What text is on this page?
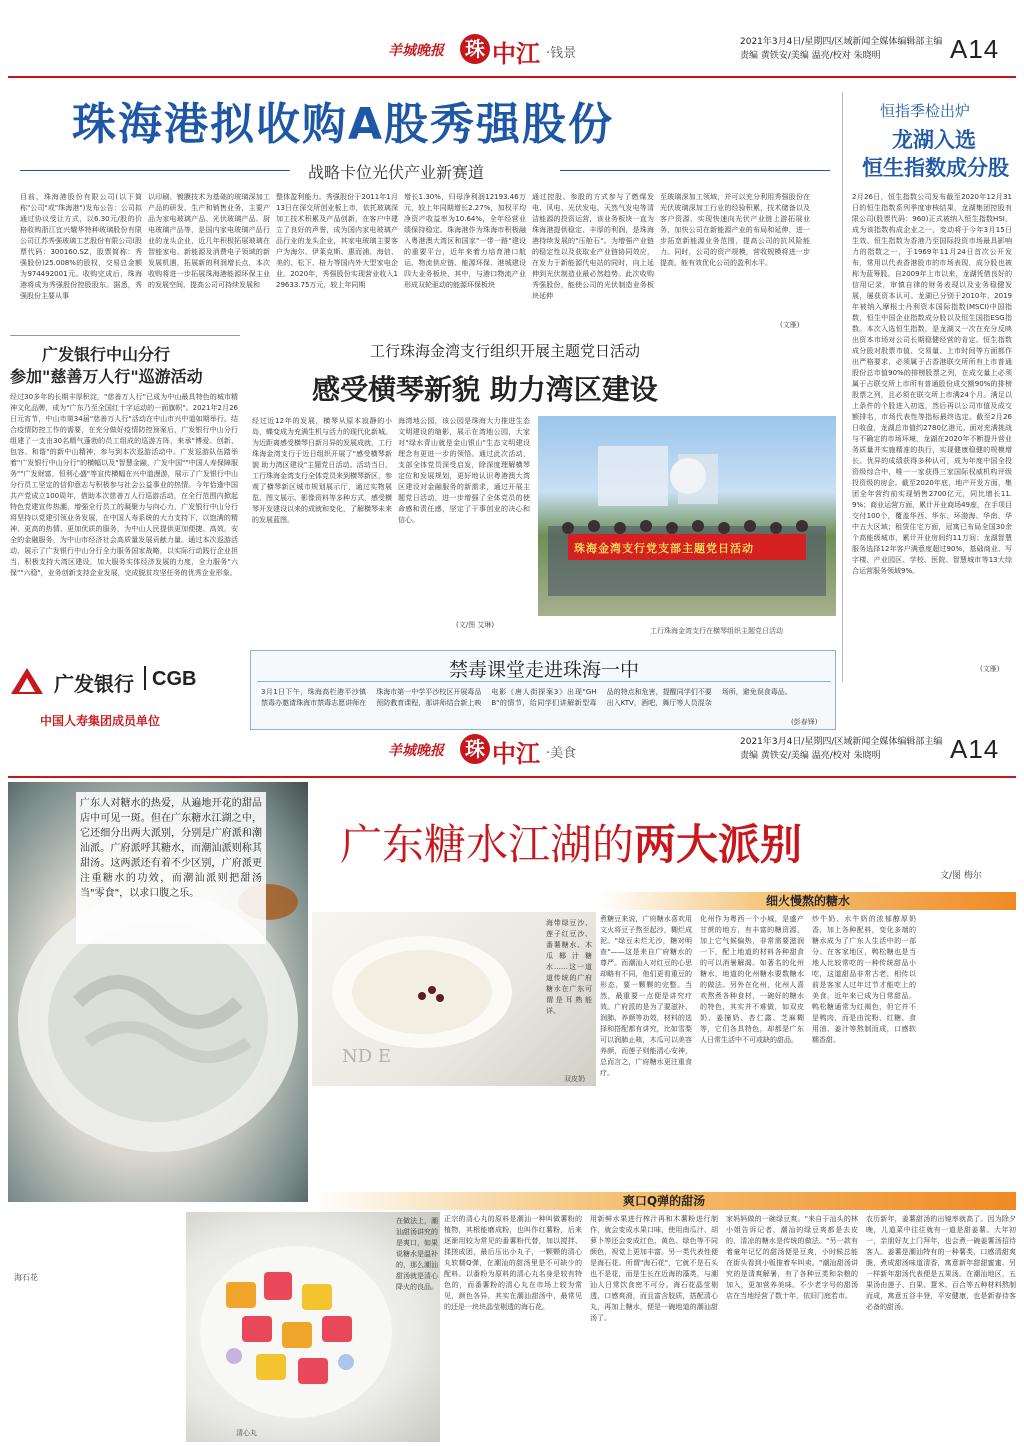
羊城晚报 珠 中江 ·钱景
2021年3月4日/星期四/区域新闻全媒体编辑部主编
责编 黄铁安/美编 温亮/校对 朱晓明	A14
珠海港拟收购A股秀强股份
战略卡位光伏产业新赛道
目前，珠海港股份有限公司(以下简称"公司"或"珠海港")发布公告：公司拟通过协议受让方式，以6.30元/股的价格收购浙江宜兴耀华特种玻璃股份有限公司江苏秀强玻璃工艺股份有限公司(股票代码：300160.SZ，股票简称：秀强股份)25.008%的股权，交易总金额为974492001元。收购完成后，珠海港将成为秀强股份控股股东。据悉，秀强股份主要从事
以印刷、镀膜技术为基础的玻璃深加工产品的研发、生产和销售业务，主要产品为家电玻璃产品、光伏玻璃产品、厨电玻璃产品等，是国内家电玻璃产品行业的龙头企业，近几年积极拓展玻璃在智能家电、新能源及消费电子领域的新发展机遇，拓展新的利润增长点，本次收购将进一步拓展珠海港能源环保主业的发展空间，提高公司可持续发展和
整体盈利能力。秀强股份于2011年1月13日在深交所创业板上市，依托玻璃深加工技术积累及产品创新，在客户中建立了良好的声誉，成为国内家电玻璃产品行业的龙头企业，其家电玻璃主要客户为海尔、伊莱克斯、惠而浦、海信、美的、松下、格力等国内外大型家电企业。2020年，秀强股份实现营业收入129633.75万元，较上年同期
增长1.30%，归母净利润12193.46万元，较上年同期增长2.27%，加权平均净资产收益率为10.64%，全年经营业绩保持稳定。珠海港作为珠海市积极融入粤港澳大湾区和国家"一带一路"建设的重要平台，近年来着力培育港口航运、物流供应链、能源环保、港城建设四大业务板块，其中，与港口物流产业形成双轮驱动的能源环保板块
通过控股、参股的方式参与了燃煤发电、风电、光伏发电、天然气发电等清洁能源的投资运营，该业务板块一直为珠海港提供稳定、丰厚的利润，是珠海港持续发展的"压舱石"。为增强产业链的稳定性以及获取业产业链协同效应，在发力于新能源代电站的同时，向上延伸到光伏制造业最必然趋势。此次收购秀强股份，能使公司的光伏制造业务板块延伸
至玻璃深加工领域，并可以充分利用秀强股份在光伏玻璃深加工行业的经验积累，技术储备以及客户资源，实现快速向光伏产业链上游拓展业务，加快公司在新能源产业的布局和延伸，进一步拓宽新能源业务范围，提高公司的抗风险能力。同时，公司的资产规模，营收规模将进一步提高，能有效优化公司的盈利水平。
(文雁)
恒指季检出炉
龙湖入选
恒生指数成分股
2月26日，恒生指数公司发布截至2020年12月31日的恒生指数系列季度审核结果，龙湖集团控股有限公司(股票代码：960)正式被纳入恒生指数HSI，成为该指数构成企业之一，变动将于今年3月15日生效。恒生指数为香港乃至国际投资市场最具影响力的指数之一，于1969年11月24日首次公开发布，常用以代表香港股市的市场表现，成分股也被称为蓝筹股。自2009年上市以来，龙湖凭借良好的信用记录，审慎自律的财务表现以及业务稳健发展，屡获资本认可。龙湖已分别于2010年、2019年被纳入摩根士丹利资本国际指数(MSCI)中国指数，恒生中国企业指数成分股以及恒生国指ESG指数。本次入选恒生指数，是龙湖又一次在充分反映出资本市场对公司长期稳健经营的肯定。恒生指数成分股对股票市值、交易量、上市时间等方面都作出严格要求，必须属于占香港联交所所有上市普通股份总市值90%的排榜股票之列，在成交量上必须属于占联交所上市所有普通股份成交额90%的排榜股票之列，且必须在联交所上市满24个月。满足以上条件的个股进入初选，然后再以公司市值及成交额排名，市场代表性等指标最终选定。截至2月26日收盘，龙湖总市值约2780亿港元。面对充满挑战与不确定的市场环境，龙湖在2020年不断提升营业务质量并实施精准的执行，实现健康稳健的规模增长。优异的成绩获得多种认可，成为年度中国全投资级综合中，唯一一家获得三家国际权威机构评级投资级的房企。截至2020年底，地产开发方面，集团全年营约前实现销售2700亿元，同比增长11.9%；商业运营方面，累计开业商场49座，在手项目交付100个，覆盖华西、华东、环渤海、华南、华中五大区域；租赁住宅方面，冠寓已布局全国30余个高能级城市，累计开业房间约11万间；龙湖智慧服务选择12年客户满意度超过90%，基础商业、写字楼、产业园区、学校、医院、智慧城市等13大综合运营服务领域9%。
(文雁)
广发银行中山分行
参加"慈善万人行"巡游活动
经过30多年的长期丰厚积淀，"慈善万人行"已成为中山最具特色的城市精神文化品牌，成为"广东乃至全国红十字运动的一面旗帜"。2021年2月26日元宵节，中山市第34届"慈善万人行"活动在中山市兴中道如期举行。结合疫情防控工作的需要，在充分做好疫情防控预案后，广发银行中山分行组建了一支由30名精气蓬勃的员工组成的巡游方阵，来承"博爱、创新、包容、和谐"的新中山精神，参与到本次巡游活动中。广发巡游队伍踏举着"广发银行中山分行"的横幅以及"智慧金融，广发中国""中国人寿保障服务""广发财富，恒利心盛"等宣传横幅在兴中道漫游，展示了广发银行中山分行员工坚定的信仰意志与积极参与社会公益事业的热情。今年恰逢中国共产党成立100周年，借助本次慈善万人行巡游活动，在全行范围内掀起特色党建宣传热潮，增强全行员工的凝聚力与向心力，广发银行中山分行将坚持以党建引领业务发展，在中国人寿系统的大力支持下，以饱满的精神、更高的热情、更加优质的服务，为中山人民提供更加便捷、高效、安全的金融服务，为中山市经济社会高质量发展贡献力量。通过本次巡游活动，展示了广发银行中山分行全力服务国家战略，以实际行动践行企业担当，积极支持大湾区建设，加大服务实体经济发展的力度，全力服务"六保""六稳"，业务创新支持企业发展，完成脱贫攻坚任务的优秀企业形象。
广发银行 CGB
中国人寿集团成员单位
工行珠海金湾支行组织开展主题党日活动
感受横琴新貌 助力湾区建设
经过近12年的发展，横琴从原本寂静的小岛，蝶变成为充满生机与活力的现代化新城。为近距离感受横琴日新月异的发展成就，工行珠海金湾支行于近日组织开展了"感受横琴新貌 助力湾区建设"主题党日活动。活动当日，工行珠海金湾支行全体党员来到横琴新区，参观了横琴新区城市规划展示厅，通过实物展览、图文展示、影像资料等多种方式，感受横琴开发建设以来的成就和变化，了解横琴未来的发展蓝图。
海湾地公园，该公园是珠海大力推进生态文明建设的缩影，展示在湾地公园，大家对"绿水青山就是金山银山"生态文明建设理念有更进一步的领悟。通过此次活动，支部全体党员深受启发，除深度理解横琴定位和发展规划，更好地认识粤港澳大湾区建设对金融服务的新需求，通过开展主题党日活动，进一步增强了全体党员的使命感和责任感，坚定了干事创业的决心和信心。
(文/图 艾琳)
珠海金湾支行党支部主题党日活动
工行珠海金湾支行在横琴组织主题党日活动
禁毒课堂走进珠海一中
3月1日下午，珠海高栏港平沙镇禁毒办邀请珠海市禁毒志愿讲师在珠海市第一中学平沙校区开展毒品预防教育课程，那讲师结合新上映电影《唐人街探案3》出现"GHB"的情节，给同学们讲解新型毒品的特点和危害，提醒同学们不要出入KTV，酒吧，舞厅等人员混杂场所，避免误食毒品。
(彭春锋)
羊城晚报 珠 中江 ·美食
2021年3月4日/星期四/区域新闻全媒体编辑部主编
责编 黄铁安/美编 温亮/校对 朱晓明	A14
广东人对糖水的热爱，从遍地开花的甜品店中可见一斑。但在广东糖水江湖之中，它还细分出两大派别，分别是广府派和潮汕派。广府派呼其糖水，而潮汕派则称其甜汤。这两派还有着不少区别，广府派更注重糖水的功效，而潮汕派则把甜汤当"零食"，以求口腹之乐。
海石花
广东糖水江湖的两大派别
文/图 梅尔
细火慢熬的糖水
ND E
双皮奶
海带绿豆沙、莲子红豆沙、番薯糖水、木瓜椰汁糖水……这一道道传统的广府糖水在广东可谓是耳熟能详。
煮糖豆来说，广府糖水喜欢用文火将豆子熬至起沙，糊烂成泥。"绿豆未烂无沙，糖对明查"——这是来自广府糖水的尊严。而潮汕人对红豆的心思却略有不同，他们更看重豆的形态，要一颗颗的完整。当然，最重要一点便是讲究疗效。广府派的是为了要滋补、润肺、养颜等功效，材料的选择和搭配都有讲究，比如雪梨可以润肺止咳，木瓜可以美容养颜，而莲子则能清心安神，总而言之，广府糖水更注重食疗。
化州作为粤西一个小城，是盛产甘蔗的地方，有丰富的糖资源，加上它气候偏热，非常需要滋润一下，配上地道的材料各种甜食的可以消暑解渴。如著名的化州糖水，地道的化州糖水要数糖水的做法。另外在化州，化州人喜欢熬煮各种食材，一碗好的糖水的特色，其实并不难做，如双皮奶、姜撞奶、杏仁露、芝麻糊等，它们各具特色，却都是广东人日常生活中不可或缺的甜品。
炒牛奶、水牛奶的浓郁醇厚奶香，加上各种配料，变化多端的糖水成为了广东人生活中的一部分。在客家地区，鸭松糖也是当地人比较常吃的一种传统甜品小吃，这道甜品非常古老，相传以前是客家人过年过节才能吃上的美食，近年来已成为日常甜品。鸭松糖通常为红褐色，但它并不是鸭肉，而是由淀粉、红糖、食用油、姜汁等熬制而成，口感软糯香甜。
爽口Q弹的甜汤
清心丸
在做法上，潮汕甜汤讲究的是爽口，如果说糖水是温补的，那么潮汕甜汤就是清心降火的良品。
正宗的清心丸的原料是潮汕一种叫做薯粉的植物，其根能磨成粉，也叫作红薯粉，后来逐渐用较为常见的番薯粉代替，加以搅拌、揉搓成团，最后压出小丸子，一颗颗的清心丸软糯Q弹，在潮汕的甜汤里是不可缺少的配料。以番粉为原料的清心丸名身是较有特色的，而番薯粉的清心丸在市场上较为常见，颜色各异，其实在潮汕甜汤中，最常见的还是一块块晶莹剔透的海石花。
用新鲜水果进行榨汁再和木薯粉进行制作，就会变成水果口味，使用南瓜汁、胡萝卜等还会变成红色、黄色、绿色等不同颜色，视觉上更加丰富。另一类代表性便是海石花。所谓"海石花"，它就不是石头也不是花，而是生长在近海的藻类，与潮汕人日常饮食密不可分。海石花晶莹剔透，口感爽滑，而且富含胶质，搭配清心丸，再加上糖水，便是一碗地道的潮汕甜汤了。
家妈妈做的一碗绿豆爽。"来自于汕头的林小姐告诉记者，潮汕的绿豆爽都是去皮的，清凉的糖水是传统的做法。"另一款有着童年记忆的甜汤便是豆爽，小时候总能在街头看到小贩推着车叫卖。"潮汕甜汤讲究的是清爽解暑，有了各种豆类和杂粮的加入，更加营养美味。不少老字号的甜汤店在当地经营了数十年，依旧门庭若市。
农历新年，姜薯甜汤的出镜率就高了。因为除夕晚，儿道菜中往往就有一道是甜姜薯。大年初一，亲朋好友上门拜年，也会煮一碗姜薯汤招待客人。姜薯是潮汕特有的一种薯类，口感清甜爽脆，煮成甜汤味道清香，寓意新年甜甜蜜蜜。另一样新年甜汤代表便是五果汤。在潮汕地区，五果汤由莲子、白果、薏米、百合等五种材料熬制而成，寓意五谷丰登，平安健康，也是新春待客必备的甜汤。
